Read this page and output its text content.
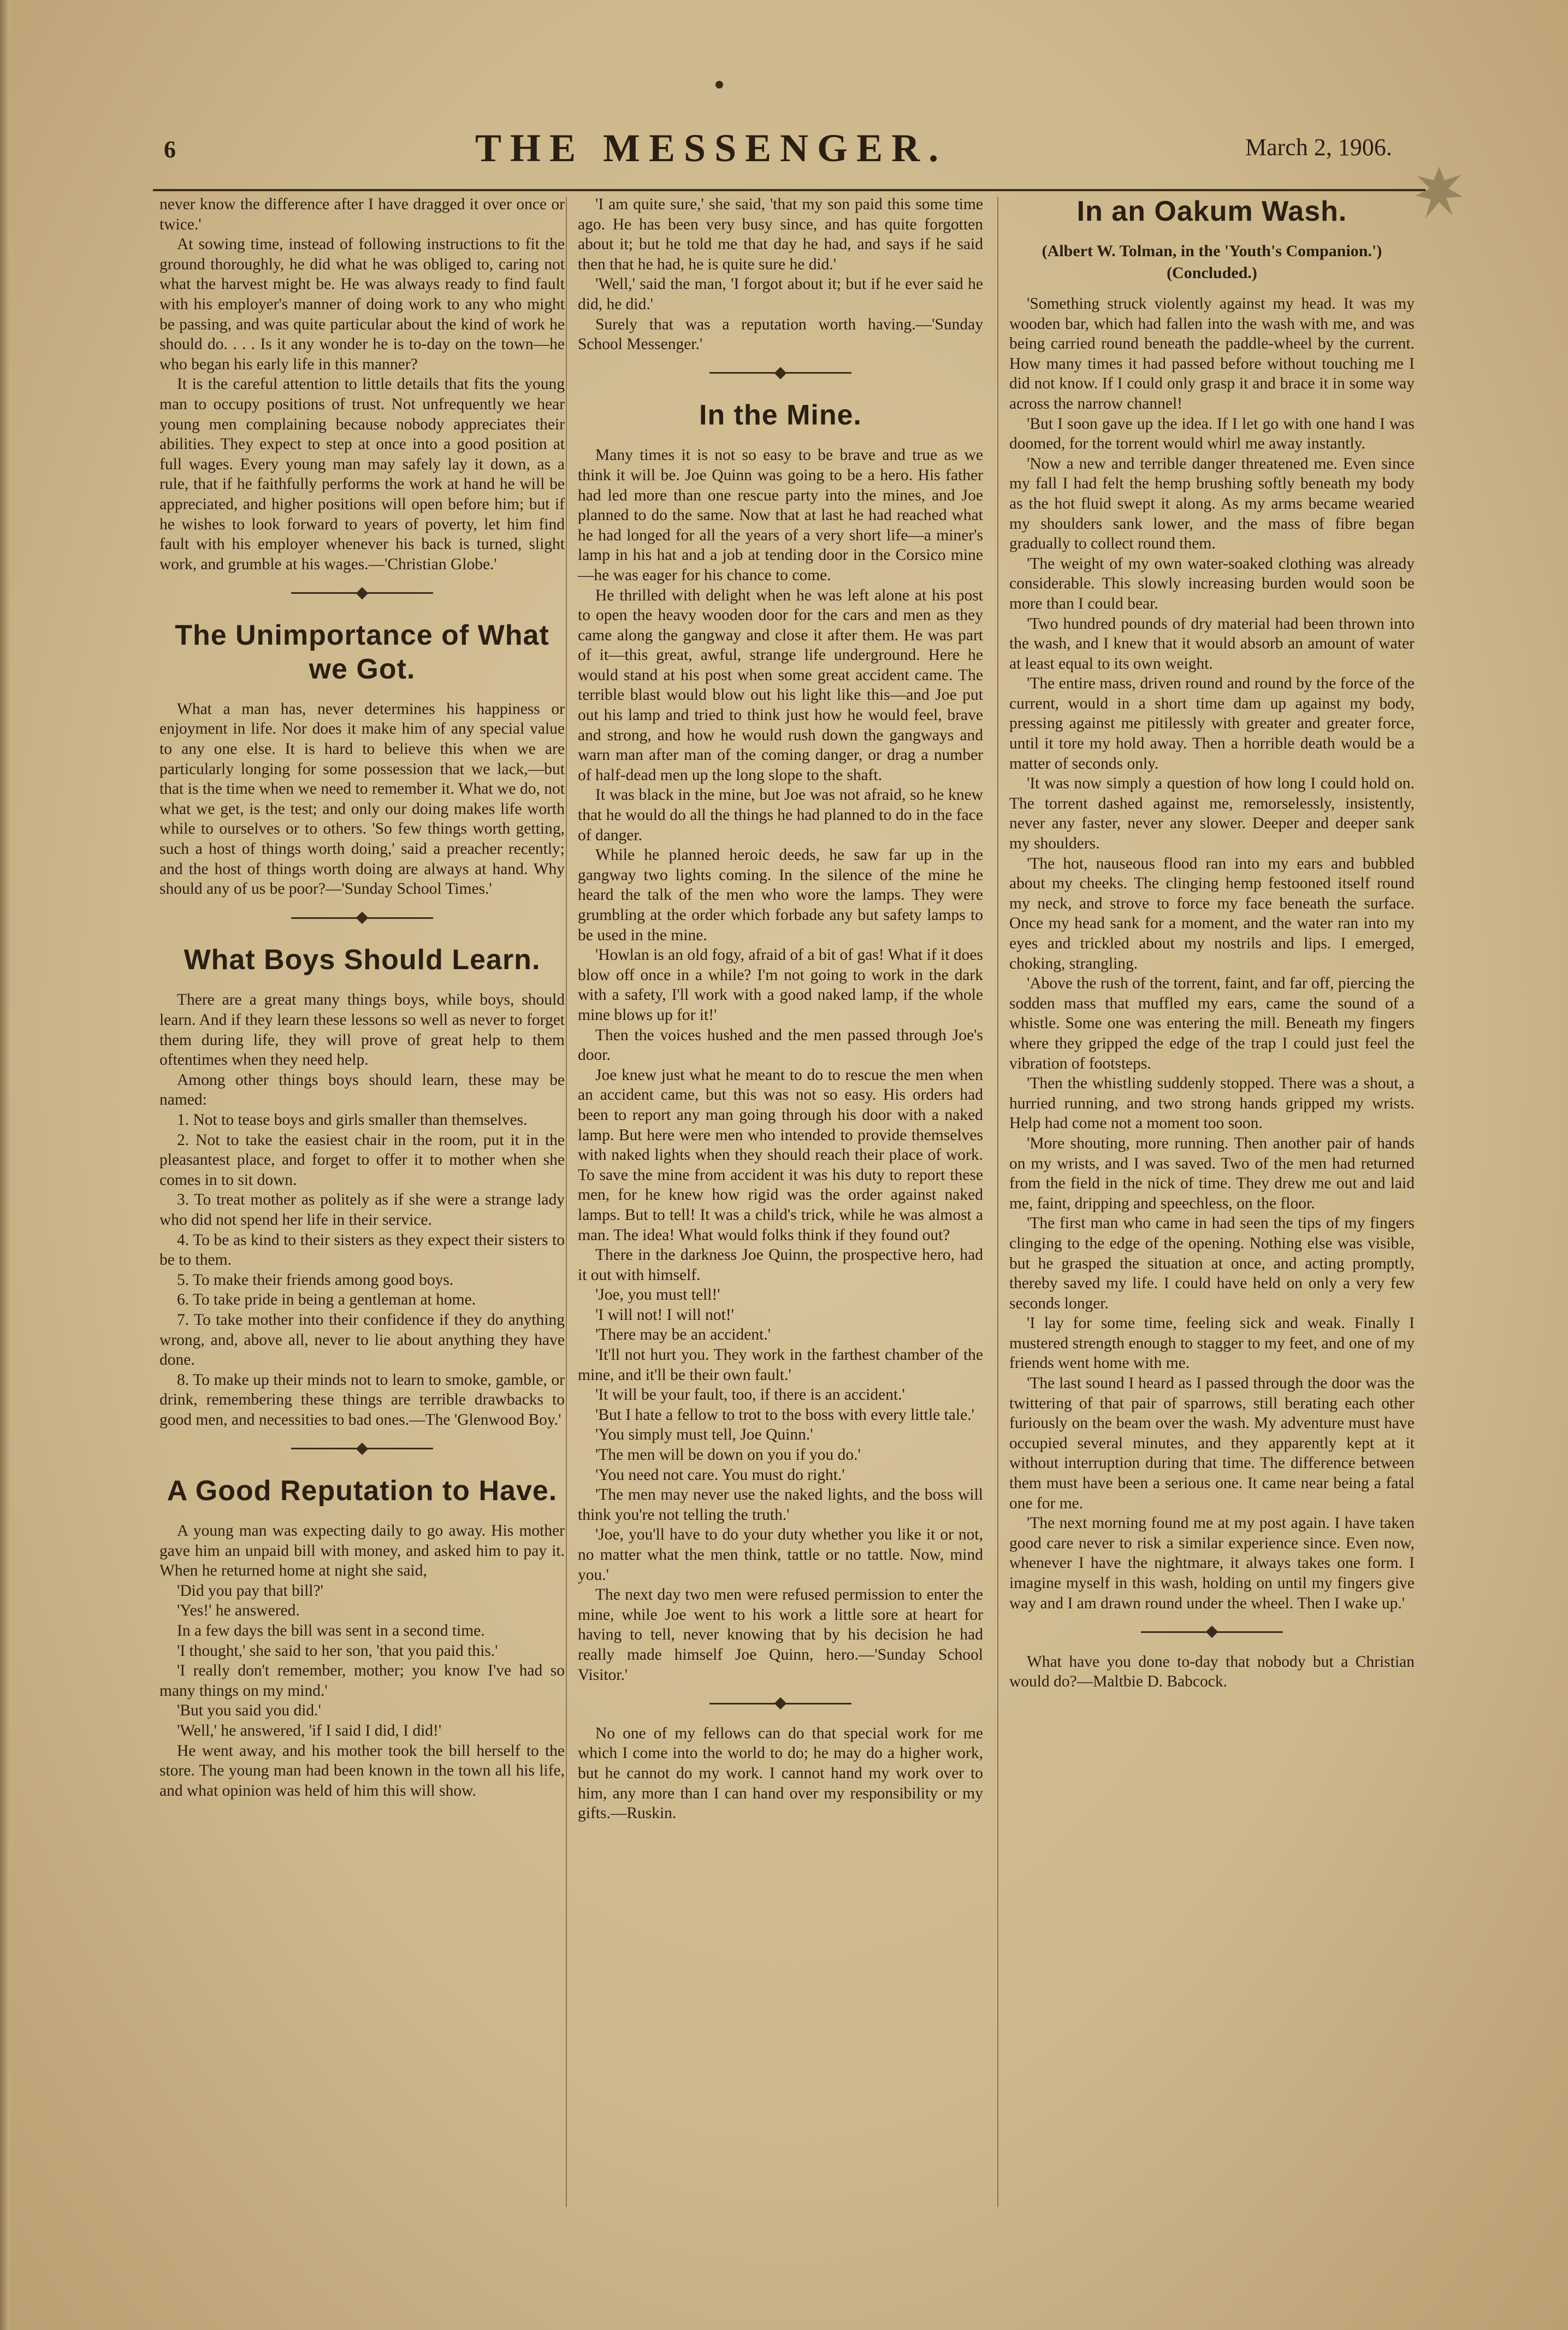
6	THE MESSENGER.	March 2, 1906.

never know the difference after I have dragged it over once or twice.'

At sowing time, instead of following instructions to fit the ground thoroughly, he did what he was obliged to, caring not what the harvest might be. He was always ready to find fault with his employer's manner of doing work to any who might be passing, and was quite particular about the kind of work he should do. . . . Is it any wonder he is to-day on the town—he who began his early life in this manner?

It is the careful attention to little details that fits the young man to occupy positions of trust. Not unfrequently we hear young men complaining because nobody appreciates their abilities. They expect to step at once into a good position at full wages. Every young man may safely lay it down, as a rule, that if he faithfully performs the work at hand he will be appreciated, and higher positions will open before him; but if he wishes to look forward to years of poverty, let him find fault with his employer whenever his back is turned, slight work, and grumble at his wages.—'Christian Globe.'

The Unimportance of What we Got.

What a man has, never determines his happiness or enjoyment in life. Nor does it make him of any special value to any one else. It is hard to believe this when we are particularly longing for some possession that we lack,—but that is the time when we need to remember it. What we do, not what we get, is the test; and only our doing makes life worth while to ourselves or to others. 'So few things worth getting, such a host of things worth doing,' said a preacher recently; and the host of things worth doing are always at hand. Why should any of us be poor?—'Sunday School Times.'

What Boys Should Learn.

There are a great many things boys, while boys, should learn. And if they learn these lessons so well as never to forget them during life, they will prove of great help to them oftentimes when they need help.

Among other things boys should learn, these may be named:

1. Not to tease boys and girls smaller than themselves.

2. Not to take the easiest chair in the room, put it in the pleasantest place, and forget to offer it to mother when she comes in to sit down.

3. To treat mother as politely as if she were a strange lady who did not spend her life in their service.

4. To be as kind to their sisters as they expect their sisters to be to them.

5. To make their friends among good boys.

6. To take pride in being a gentleman at home.

7. To take mother into their confidence if they do anything wrong, and, above all, never to lie about anything they have done.

8. To make up their minds not to learn to smoke, gamble, or drink, remembering these things are terrible drawbacks to good men, and necessities to bad ones.—The 'Glenwood Boy.'

A Good Reputation to Have.

A young man was expecting daily to go away. His mother gave him an unpaid bill with money, and asked him to pay it. When he returned home at night she said,

'Did you pay that bill?'

'Yes!' he answered.

In a few days the bill was sent in a second time.

'I thought,' she said to her son, 'that you paid this.'

'I really don't remember, mother; you know I've had so many things on my mind.'

'But you said you did.'

'Well,' he answered, 'if I said I did, I did!'

He went away, and his mother took the bill herself to the store. The young man had been known in the town all his life, and what opinion was held of him this will show.

'I am quite sure,' she said, 'that my son paid this some time ago. He has been very busy since, and has quite forgotten about it; but he told me that day he had, and says if he said then that he had, he is quite sure he did.'

'Well,' said the man, 'I forgot about it; but if he ever said he did, he did.'

Surely that was a reputation worth having.—'Sunday School Messenger.'

In the Mine.

Many times it is not so easy to be brave and true as we think it will be. Joe Quinn was going to be a hero. His father had led more than one rescue party into the mines, and Joe planned to do the same. Now that at last he had reached what he had longed for all the years of a very short life—a miner's lamp in his hat and a job at tending door in the Corsico mine—he was eager for his chance to come.

He thrilled with delight when he was left alone at his post to open the heavy wooden door for the cars and men as they came along the gangway and close it after them. He was part of it—this great, awful, strange life underground. Here he would stand at his post when some great accident came. The terrible blast would blow out his light like this—and Joe put out his lamp and tried to think just how he would feel, brave and strong, and how he would rush down the gangways and warn man after man of the coming danger, or drag a number of half-dead men up the long slope to the shaft.

It was black in the mine, but Joe was not afraid, so he knew that he would do all the things he had planned to do in the face of danger.

While he planned heroic deeds, he saw far up in the gangway two lights coming. In the silence of the mine he heard the talk of the men who wore the lamps. They were grumbling at the order which forbade any but safety lamps to be used in the mine.

'Howlan is an old fogy, afraid of a bit of gas! What if it does blow off once in a while? I'm not going to work in the dark with a safety, I'll work with a good naked lamp, if the whole mine blows up for it!'

Then the voices hushed and the men passed through Joe's door.

Joe knew just what he meant to do to rescue the men when an accident came, but this was not so easy. His orders had been to report any man going through his door with a naked lamp. But here were men who intended to provide themselves with naked lights when they should reach their place of work. To save the mine from accident it was his duty to report these men, for he knew how rigid was the order against naked lamps. But to tell! It was a child's trick, while he was almost a man. The idea! What would folks think if they found out?

There in the darkness Joe Quinn, the prospective hero, had it out with himself.

'Joe, you must tell!'

'I will not! I will not!'

'There may be an accident.'

'It'll not hurt you. They work in the farthest chamber of the mine, and it'll be their own fault.'

'It will be your fault, too, if there is an accident.'

'But I hate a fellow to trot to the boss with every little tale.'

'You simply must tell, Joe Quinn.'

'The men will be down on you if you do.'

'You need not care. You must do right.'

'The men may never use the naked lights, and the boss will think you're not telling the truth.'

'Joe, you'll have to do your duty whether you like it or not, no matter what the men think, tattle or no tattle. Now, mind you.'

The next day two men were refused permission to enter the mine, while Joe went to his work a little sore at heart for having to tell, never knowing that by his decision he had really made himself Joe Quinn, hero.—'Sunday School Visitor.'

No one of my fellows can do that special work for me which I come into the world to do; he may do a higher work, but he cannot do my work. I cannot hand my work over to him, any more than I can hand over my responsibility or my gifts.—Ruskin.

In an Oakum Wash.
(Albert W. Tolman, in the 'Youth's Companion.')
(Concluded.)

'Something struck violently against my head. It was my wooden bar, which had fallen into the wash with me, and was being carried round beneath the paddle-wheel by the current. How many times it had passed before without touching me I did not know. If I could only grasp it and brace it in some way across the narrow channel!

'But I soon gave up the idea. If I let go with one hand I was doomed, for the torrent would whirl me away instantly.

'Now a new and terrible danger threatened me. Even since my fall I had felt the hemp brushing softly beneath my body as the hot fluid swept it along. As my arms became wearied my shoulders sank lower, and the mass of fibre began gradually to collect round them.

'The weight of my own water-soaked clothing was already considerable. This slowly increasing burden would soon be more than I could bear.

'Two hundred pounds of dry material had been thrown into the wash, and I knew that it would absorb an amount of water at least equal to its own weight.

'The entire mass, driven round and round by the force of the current, would in a short time dam up against my body, pressing against me pitilessly with greater and greater force, until it tore my hold away. Then a horrible death would be a matter of seconds only.

'It was now simply a question of how long I could hold on. The torrent dashed against me, remorselessly, insistently, never any faster, never any slower. Deeper and deeper sank my shoulders.

'The hot, nauseous flood ran into my ears and bubbled about my cheeks. The clinging hemp festooned itself round my neck, and strove to force my face beneath the surface. Once my head sank for a moment, and the water ran into my eyes and trickled about my nostrils and lips. I emerged, choking, strangling.

'Above the rush of the torrent, faint, and far off, piercing the sodden mass that muffled my ears, came the sound of a whistle. Some one was entering the mill. Beneath my fingers where they gripped the edge of the trap I could just feel the vibration of footsteps.

'Then the whistling suddenly stopped. There was a shout, a hurried running, and two strong hands gripped my wrists. Help had come not a moment too soon.

'More shouting, more running. Then another pair of hands on my wrists, and I was saved. Two of the men had returned from the field in the nick of time. They drew me out and laid me, faint, dripping and speechless, on the floor.

'The first man who came in had seen the tips of my fingers clinging to the edge of the opening. Nothing else was visible, but he grasped the situation at once, and acting promptly, thereby saved my life. I could have held on only a very few seconds longer.

'I lay for some time, feeling sick and weak. Finally I mustered strength enough to stagger to my feet, and one of my friends went home with me.

'The last sound I heard as I passed through the door was the twittering of that pair of sparrows, still berating each other furiously on the beam over the wash. My adventure must have occupied several minutes, and they apparently kept at it without interruption during that time. The difference between them must have been a serious one. It came near being a fatal one for me.

'The next morning found me at my post again. I have taken good care never to risk a similar experience since. Even now, whenever I have the nightmare, it always takes one form. I imagine myself in this wash, holding on until my fingers give way and I am drawn round under the wheel. Then I wake up.'

What have you done to-day that nobody but a Christian would do?—Maltbie D. Babcock.
